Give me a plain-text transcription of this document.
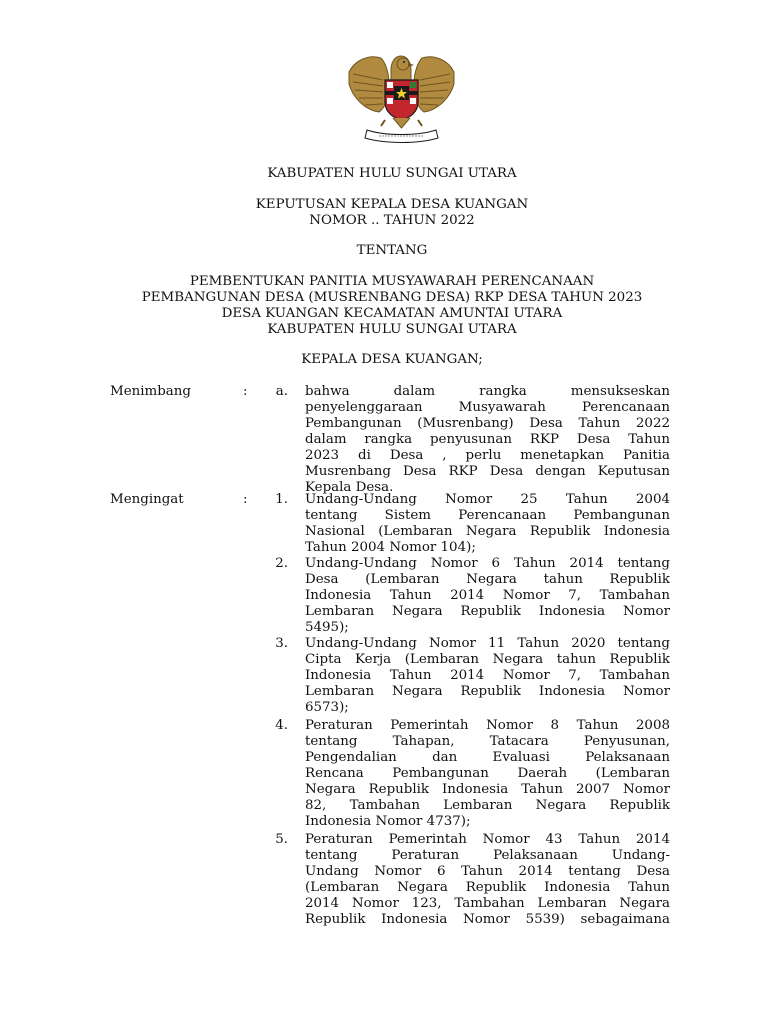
KABUPATEN HULU SUNGAI UTARA
KEPUTUSAN KEPALA DESA KUANGAN
NOMOR .. TAHUN 2022
TENTANG
PEMBENTUKAN PANITIA MUSYAWARAH PERENCANAAN
PEMBANGUNAN DESA (MUSRENBANG DESA) RKP DESA TAHUN 2023
DESA KUANGAN KECAMATAN AMUNTAI UTARA
KABUPATEN HULU SUNGAI UTARA
KEPALA DESA KUANGAN;
Menimbang	:	a. bahwa dalam rangka mensukseskan
penyelenggaraan Musyawarah Perencanaan
Pembangunan (Musrenbang) Desa Tahun 2022
dalam rangka penyusunan RKP Desa Tahun
2023 di Desa , perlu menetapkan Panitia
Musrenbang Desa RKP Desa dengan Keputusan
Kepala Desa.
Mengingat	:	1. Undang-Undang Nomor 25 Tahun 2004
tentang Sistem Perencanaan Pembangunan
Nasional (Lembaran Negara Republik Indonesia
Tahun 2004 Nomor 104);
2. Undang-Undang Nomor 6 Tahun 2014 tentang
Desa (Lembaran Negara tahun Republik
Indonesia Tahun 2014 Nomor 7, Tambahan
Lembaran Negara Republik Indonesia Nomor
5495);
3. Undang-Undang Nomor 11 Tahun 2020 tentang
Cipta Kerja (Lembaran Negara tahun Republik
Indonesia Tahun 2014 Nomor 7, Tambahan
Lembaran Negara Republik Indonesia Nomor
6573);
4. Peraturan Pemerintah Nomor 8 Tahun 2008
tentang Tahapan, Tatacara Penyusunan,
Pengendalian dan Evaluasi Pelaksanaan
Rencana Pembangunan Daerah (Lembaran
Negara Republik Indonesia Tahun 2007 Nomor
82, Tambahan Lembaran Negara Republik
Indonesia Nomor 4737);
5. Peraturan Pemerintah Nomor 43 Tahun 2014
tentang Peraturan Pelaksanaan Undang-
Undang Nomor 6 Tahun 2014 tentang Desa
(Lembaran Negara Republik Indonesia Tahun
2014 Nomor 123, Tambahan Lembaran Negara
Republik Indonesia Nomor 5539) sebagaimana
